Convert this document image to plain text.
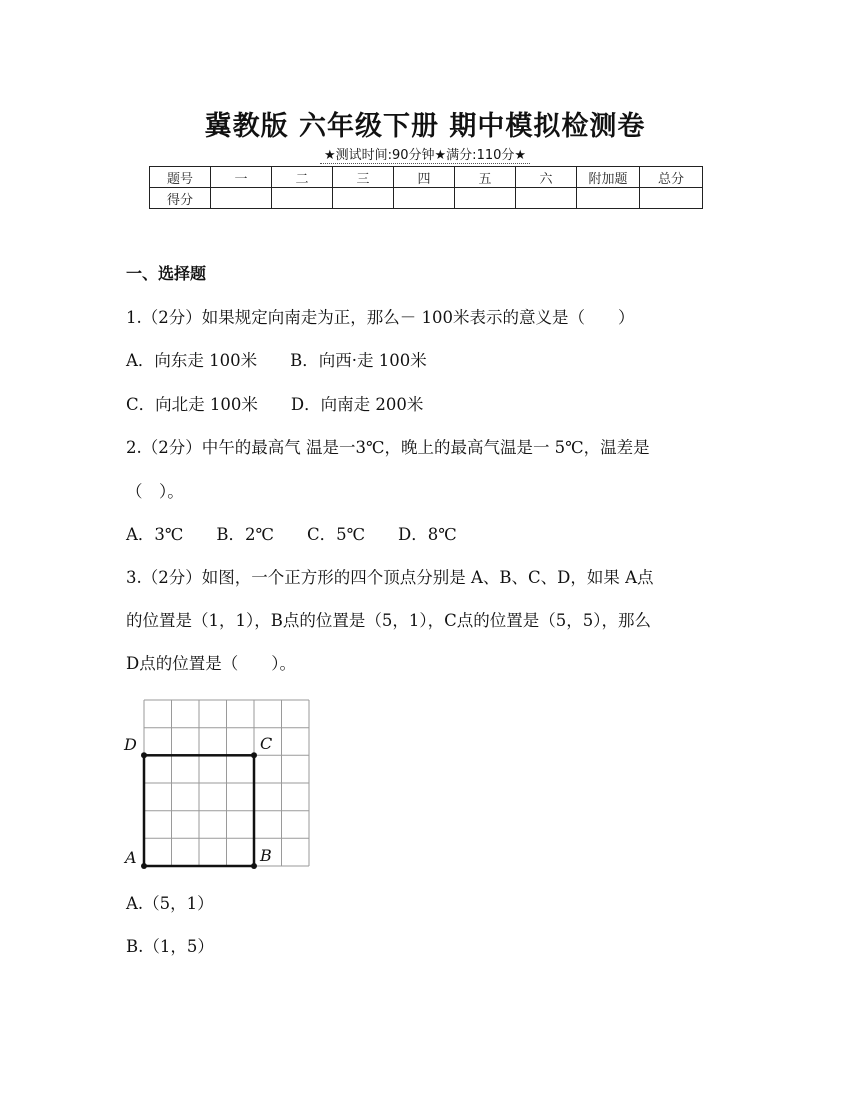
冀教版 六年级下册 期中模拟检测卷
★测试时间:90分钟★满分:110分★
题号	一	二	三	四	五	六	附加题	总分
得分								
一、选择题
1.（2分）如果规定向南走为正，那么－ 100米表示的意义是（　　）
A．向东走 100米　　B．向西·走 100米
C．向北走 100米　　D．向南走 200米
2.（2分）中午的最高气 温是一3℃，晚上的最高气温是一 5℃，温差是
（　）。
A．3℃　　B．2℃　　C．5℃　　D．8℃
3.（2分）如图，一个正方形的四个顶点分别是 A、B、C、D，如果 A点
的位置是（1，1），B点的位置是（5，1），C点的位置是（5，5），那么
D点的位置是（　　）。
A	B
C
D
A.（5，1）
B.（1，5）
